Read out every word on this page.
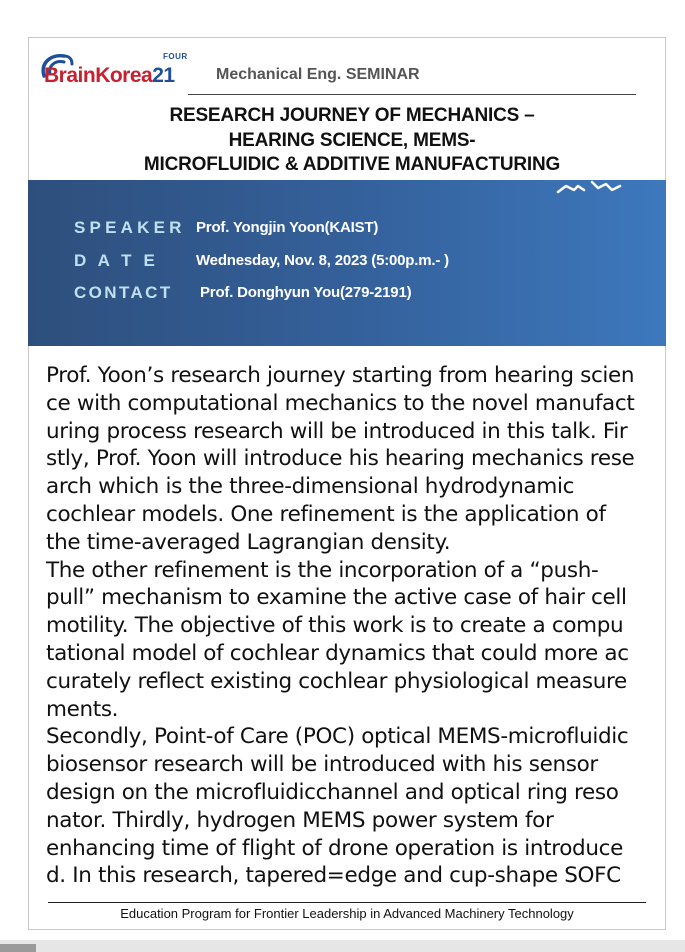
FOUR
BrainKorea21	Mechanical Eng. SEMINAR
RESEARCH JOURNEY OF MECHANICS –
HEARING SCIENCE, MEMS-
MICROFLUIDIC & ADDITIVE MANUFACTURING
SPEAKER Prof. Yongjin Yoon(KAIST)
D A T E	Wednesday, Nov. 8, 2023 (5:00p.m.- )
CONTACT Prof. Donghyun You(279-2191)
Prof. Yoon’s research journey starting from hearing scien
ce with computational mechanics to the novel manufact
uring process research will be introduced in this talk. Fir
stly, Prof. Yoon will introduce his hearing mechanics rese
arch which is the three-dimensional hydrodynamic
cochlear models. One refinement is the application of
the time-averaged Lagrangian density.
The other refinement is the incorporation of a “push-
pull” mechanism to examine the active case of hair cell
motility. The objective of this work is to create a compu
tational model of cochlear dynamics that could more ac
curately reflect existing cochlear physiological measure
ments.
Secondly, Point-of Care (POC) optical MEMS-microfluidic
biosensor research will be introduced with his sensor
design on the microfluidicchannel and optical ring reso
nator. Thirdly, hydrogen MEMS power system for
enhancing time of flight of drone operation is introduce
d. In this research, tapered=edge and cup-shape SOFC
Education Program for Frontier Leadership in Advanced Machinery Technology
